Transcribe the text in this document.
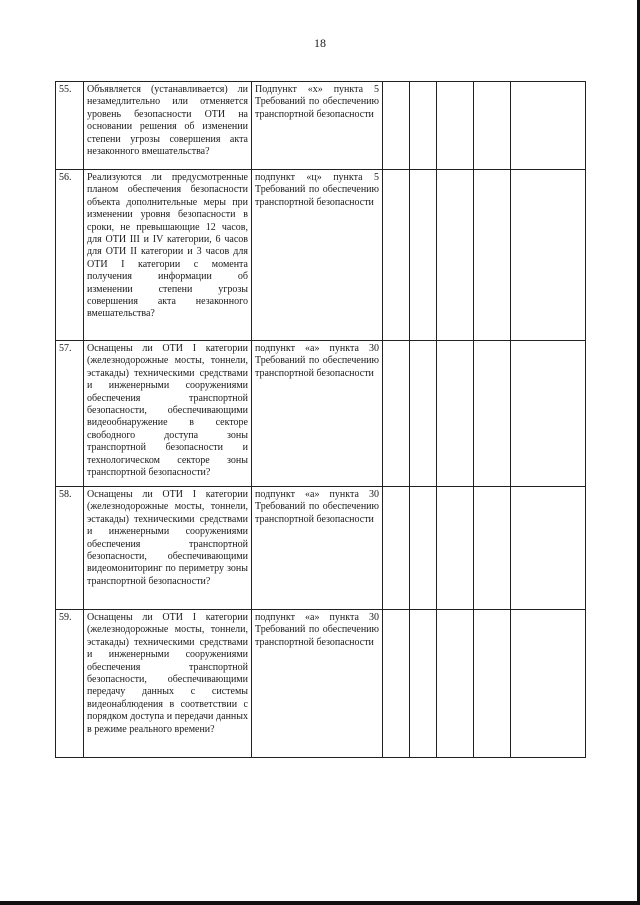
18
55.	Объявляется (устанавливается) ли незамедлительно или отменяется уровень безопасности ОТИ на основании решения об изменении степени угрозы совершения акта незаконного вмешательства?	Подпункт «х» пункта 5 Требований по обеспечению транспортной безопасности					
56.	Реализуются ли предусмотренные планом обеспечения безопасности объекта дополнительные меры при изменении уровня безопасности в сроки, не превышающие 12 часов, для ОТИ III и IV категории, 6 часов для ОТИ II категории и 3 часов для ОТИ I категории с момента получения информации об изменении степени угрозы совершения акта незаконного вмешательства?	подпункт «ц» пункта 5 Требований по обеспечению транспортной безопасности					
57.	Оснащены ли ОТИ I категории (железнодорожные мосты, тоннели, эстакады) техническими средствами и инженерными сооружениями обеспечения транспортной безопасности, обеспечивающими видеообнаружение в секторе свободного доступа зоны транспортной безопасности и технологическом секторе зоны транспортной безопасности?	подпункт «а» пункта 30 Требований по обеспечению транспортной безопасности					
58.	Оснащены ли ОТИ I категории (железнодорожные мосты, тоннели, эстакады) техническими средствами и инженерными сооружениями обеспечения транспортной безопасности, обеспечивающими видеомониторинг по периметру зоны транспортной безопасности?	подпункт «а» пункта 30 Требований по обеспечению транспортной безопасности					
59.	Оснащены ли ОТИ I категории (железнодорожные мосты, тоннели, эстакады) техническими средствами и инженерными сооружениями обеспечения транспортной безопасности, обеспечивающими передачу данных с системы видеонаблюдения в соответствии с порядком доступа и передачи данных в режиме реального времени?	подпункт «а» пункта 30 Требований по обеспечению транспортной безопасности					
